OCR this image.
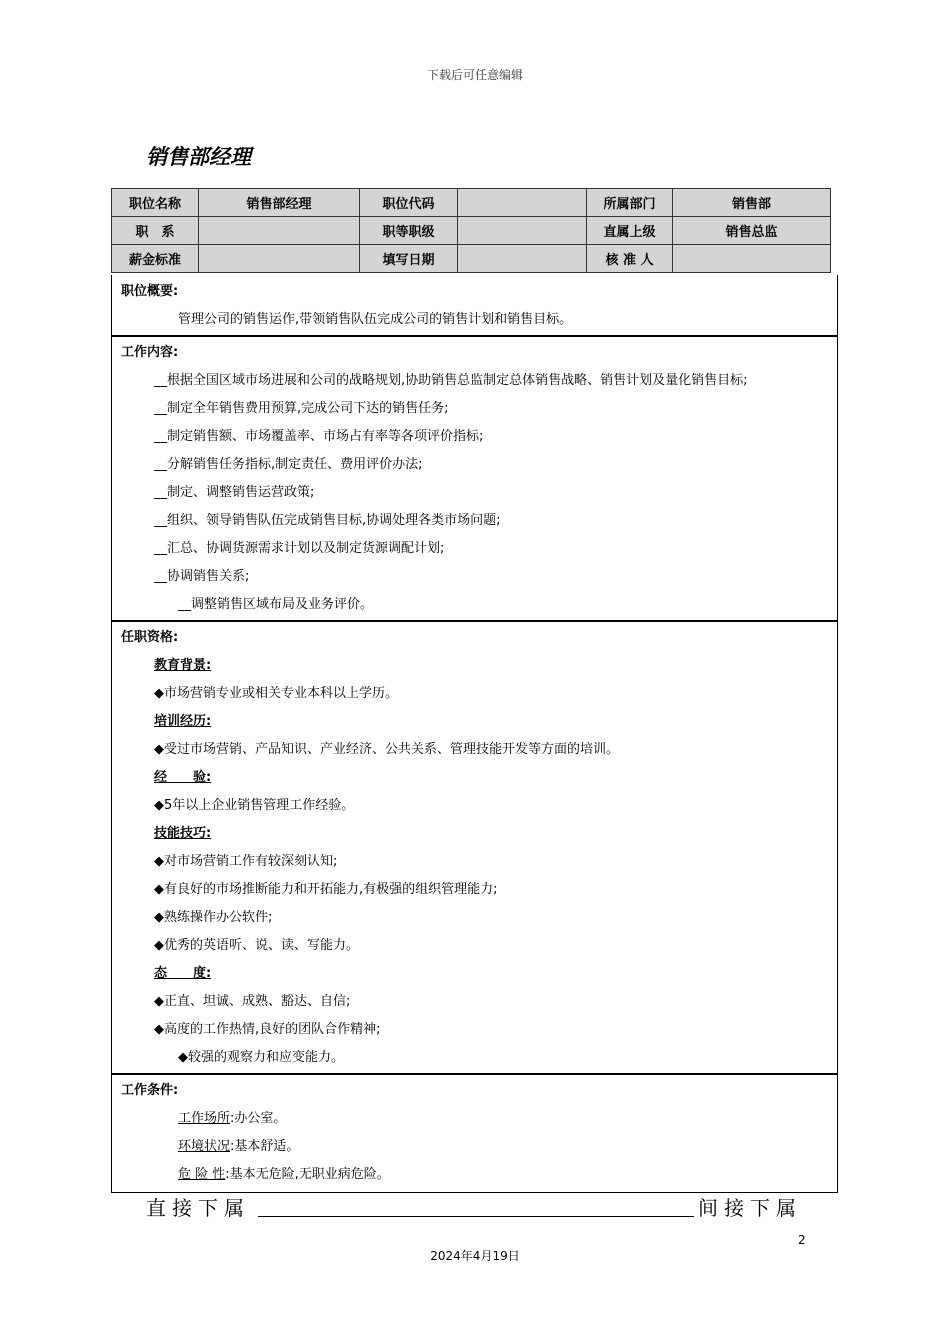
下载后可任意编辑
销售部经理
职位名称	销售部经理	职位代码		所属部门	销售部
职　系		职等职级		直属上级	销售总监
薪金标准		填写日期		核 准 人	
职位概要:
管理公司的销售运作,带领销售队伍完成公司的销售计划和销售目标。
工作内容:
__根据全国区域市场进展和公司的战略规划,协助销售总监制定总体销售战略、销售计划及量化销售目标;
__制定全年销售费用预算,完成公司下达的销售任务;
__制定销售额、市场覆盖率、市场占有率等各项评价指标;
__分解销售任务指标,制定责任、费用评价办法;
__制定、调整销售运营政策;
__组织、领导销售队伍完成销售目标,协调处理各类市场问题;
__汇总、协调货源需求计划以及制定货源调配计划;
__协调销售关系;
__调整销售区域布局及业务评价。
任职资格:
教育背景:
◆市场营销专业或相关专业本科以上学历。
培训经历:
◆受过市场营销、产品知识、产业经济、公共关系、管理技能开发等方面的培训。
经　　验:
◆5年以上企业销售管理工作经验。
技能技巧:
◆对市场营销工作有较深刻认知;
◆有良好的市场推断能力和开拓能力,有极强的组织管理能力;
◆熟练操作办公软件;
◆优秀的英语听、说、读、写能力。
态　　度:
◆正直、坦诚、成熟、豁达、自信;
◆高度的工作热情,良好的团队合作精神;
◆较强的观察力和应变能力。
工作条件:
工作场所:办公室。
环境状况:基本舒适。
危 险 性:基本无危险,无职业病危险。
直接下属	间接下属
2
2024年4月19日
